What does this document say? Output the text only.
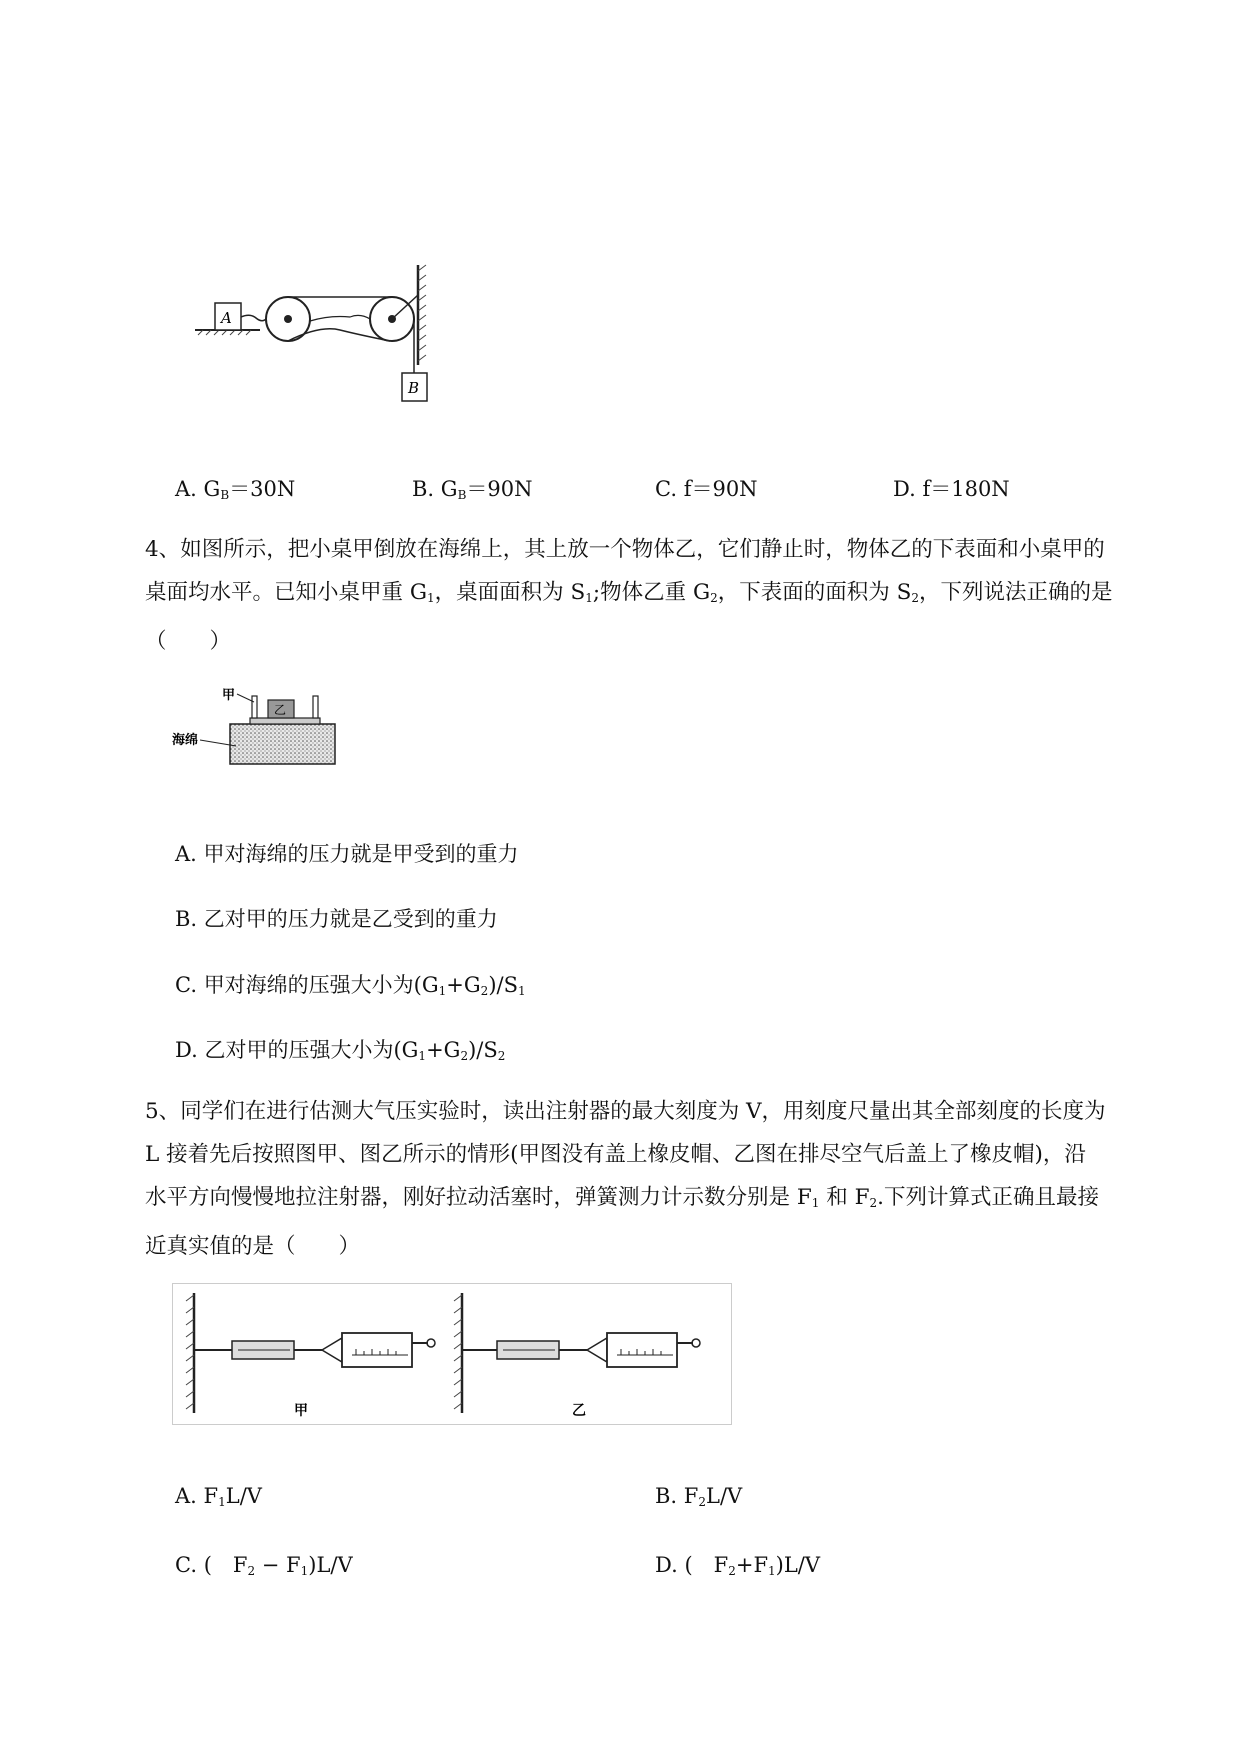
A
B
A. $G_B=30N$	B. $G_B=90N$	C. f＝90N	D. f＝180N
4、如图所示，把小桌甲倒放在海绵上，其上放一个物体乙，它们静止时，物体乙的下表面和小桌甲的
桌面均水平。已知小桌甲重 $G_1$，桌面面积为 $S_1$;物体乙重 $G_2$，下表面的面积为 $S_2$，下列说法正确的是
（　　）
乙
甲
海绵
A. 甲对海绵的压力就是甲受到的重力
B. 乙对甲的压力就是乙受到的重力
C. 甲对海绵的压强大小为$(G_1+G_2)/S_1$
D. 乙对甲的压强大小为$(G_1+G_2)/S_2$
5、同学们在进行估测大气压实验时，读出注射器的最大刻度为 V，用刻度尺量出其全部刻度的长度为
L 接着先后按照图甲、图乙所示的情形(甲图没有盖上橡皮帽、乙图在排尽空气后盖上了橡皮帽)，沿
水平方向慢慢地拉注射器，刚好拉动活塞时，弹簧测力计示数分别是 $F_1$ 和 $F_2$.下列计算式正确且最接
近真实值的是（　　）
甲	乙
A. $F_1L/V$	B. $F_2L/V$
C. (　$F_2 - F_1)L/V$	D. (　$F_2+F_1)L/V$
